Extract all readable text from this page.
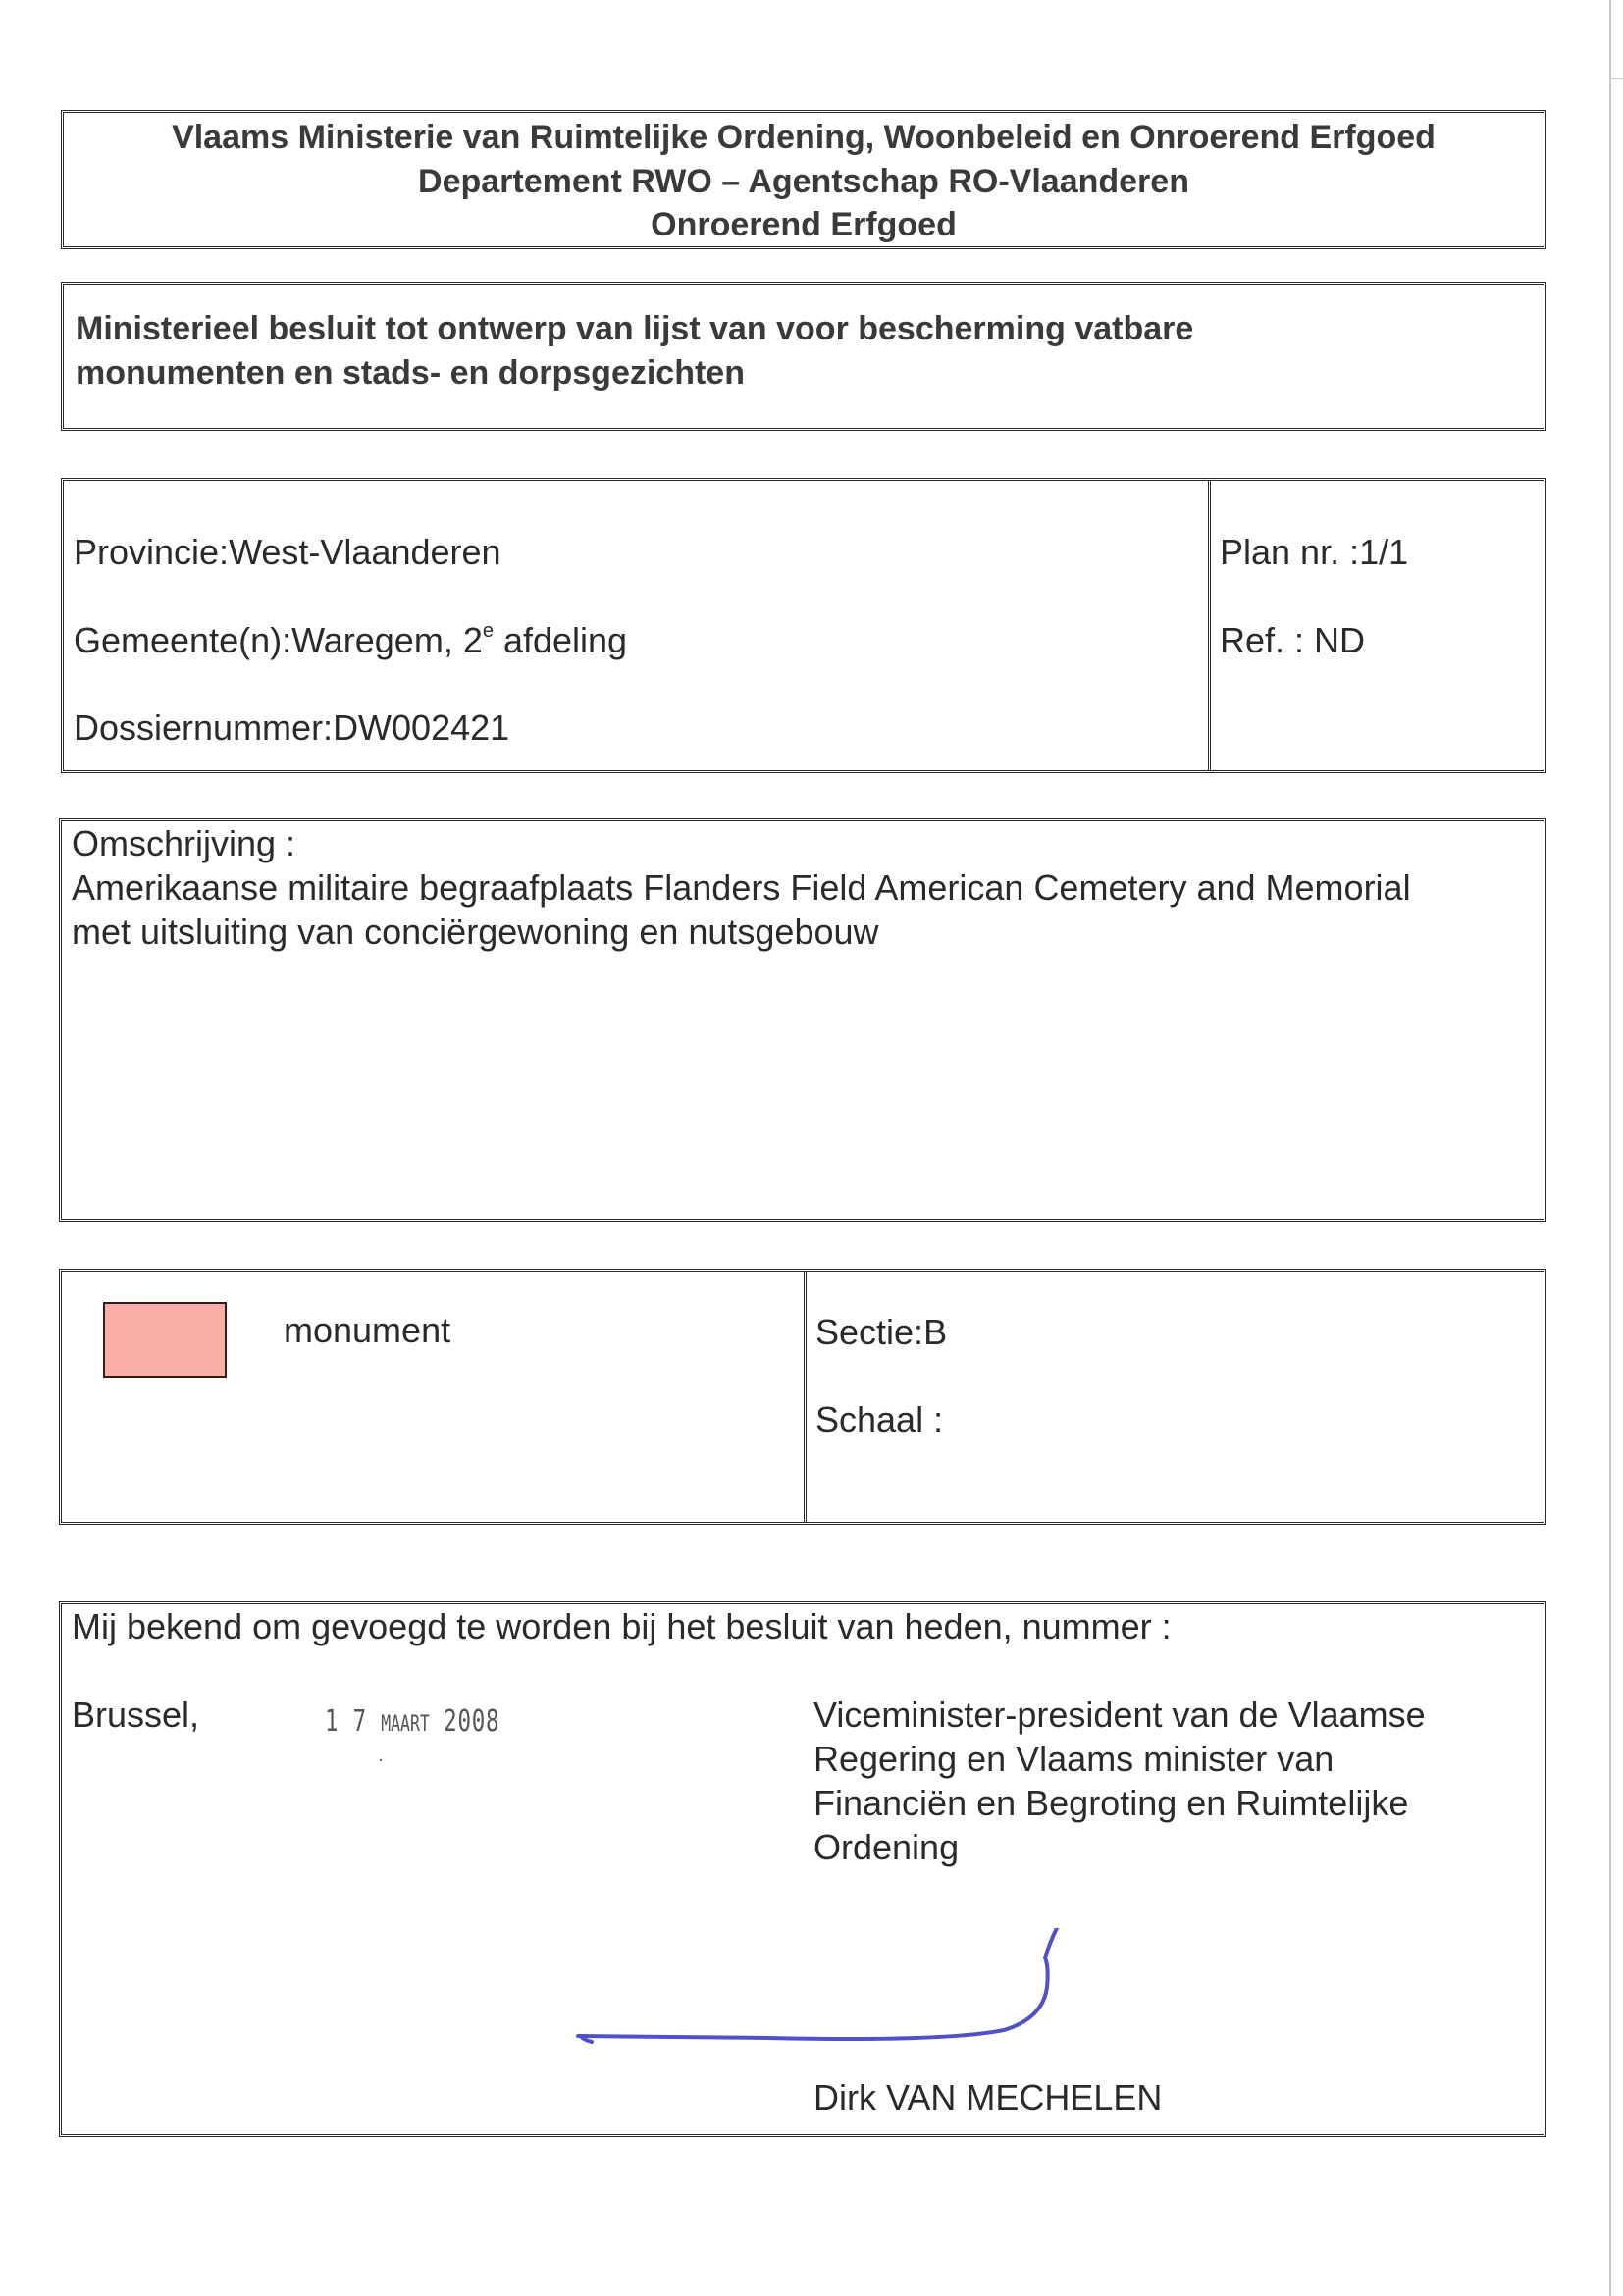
Vlaams Ministerie van Ruimtelijke Ordening, Woonbeleid en Onroerend Erfgoed
Departement RWO – Agentschap RO-Vlaanderen
Onroerend Erfgoed
Ministerieel besluit tot ontwerp van lijst van voor bescherming vatbare
monumenten en stads- en dorpsgezichten
Provincie:West-Vlaanderen
Gemeente(n):Waregem, 2e afdeling
Dossiernummer:DW002421
Plan nr. :1/1
Ref. : ND
Omschrijving :
Amerikaanse militaire begraafplaats Flanders Field American Cemetery and Memorial
met uitsluiting van conciërgewoning en nutsgebouw
monument	Sectie:B
Schaal :
Mij bekend om gevoegd te worden bij het besluit van heden, nummer :
Brussel,	1 7 MAART 2008	Viceminister-president van de Vlaamse
Regering en Vlaams minister van
Financiën en Begroting en Ruimtelijke
Ordening
Dirk VAN MECHELEN
